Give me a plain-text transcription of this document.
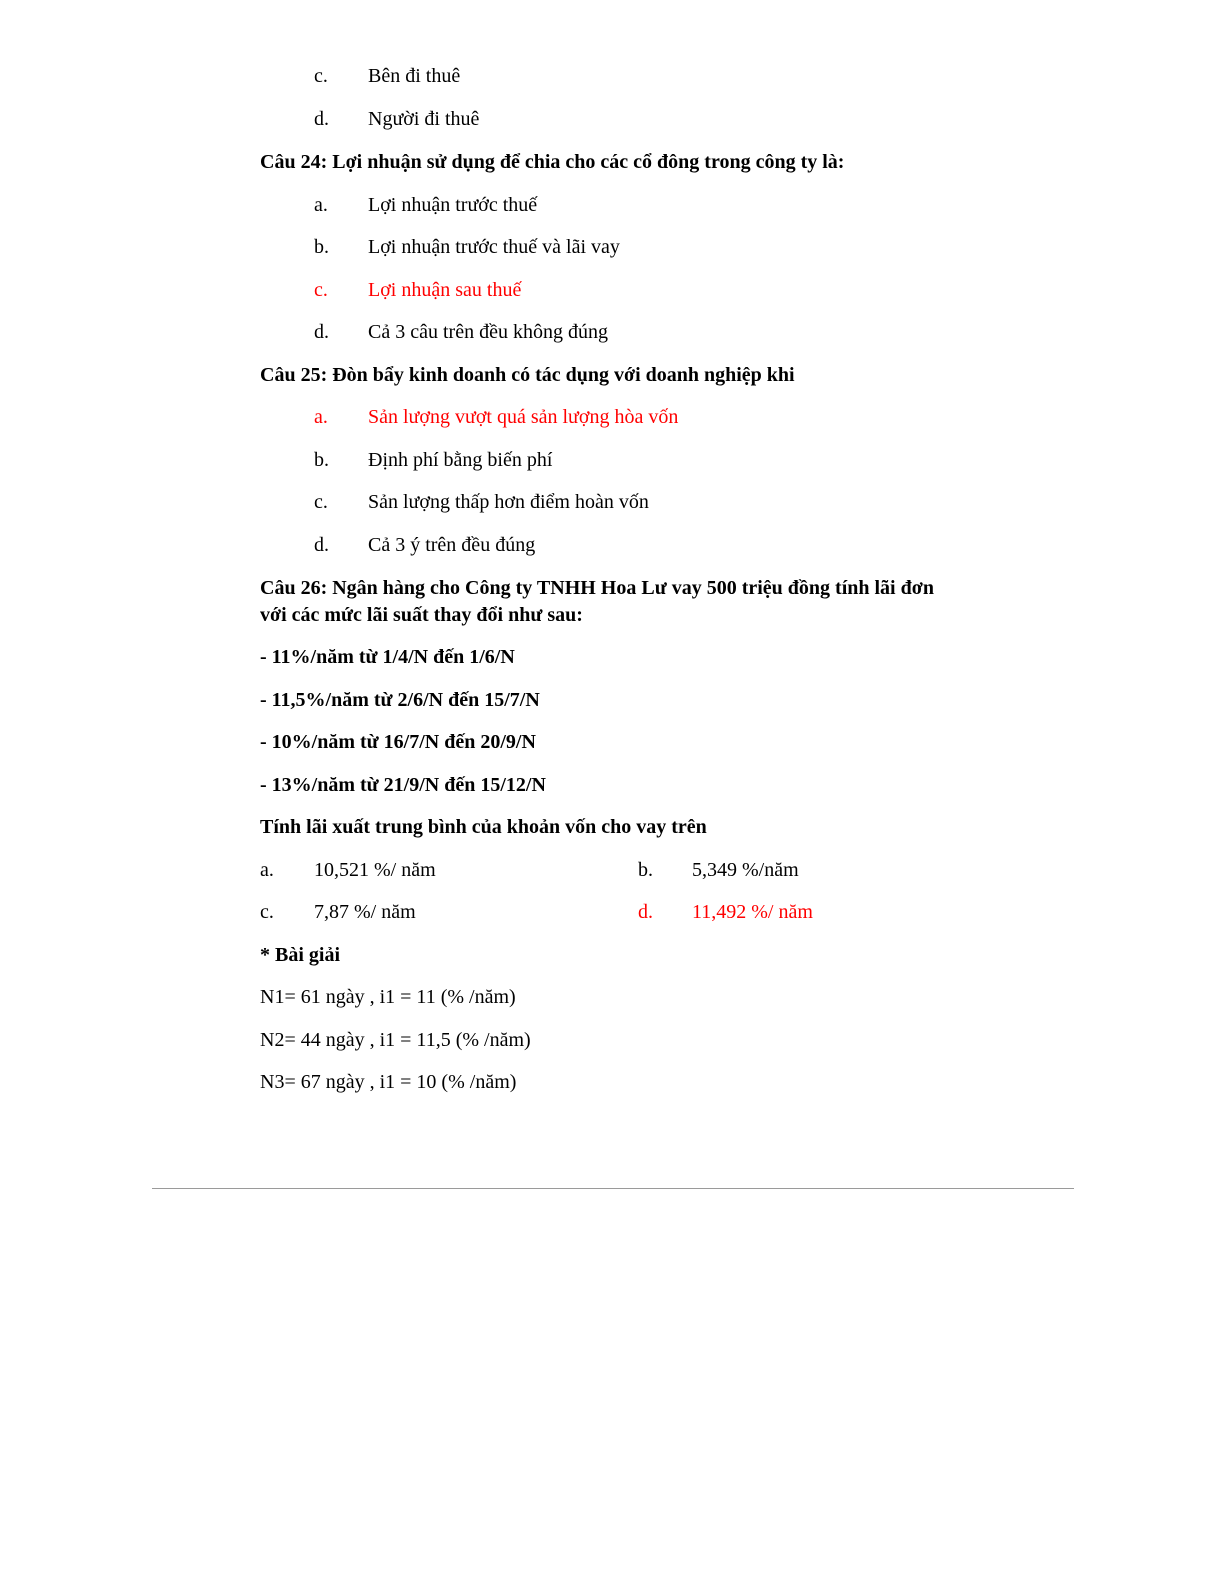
c. Bên đi thuê
d. Người đi thuê
Câu 24: Lợi nhuận sử dụng để chia cho các cổ đông trong công ty là:
a. Lợi nhuận trước thuế
b. Lợi nhuận trước thuế và lãi vay
c. Lợi nhuận sau thuế
d. Cả 3 câu trên đều không đúng
Câu 25: Đòn bẩy kinh doanh có tác dụng với doanh nghiệp khi
a. Sản lượng vượt quá sản lượng hòa vốn
b. Định phí bằng biến phí
c. Sản lượng thấp hơn điểm hoàn vốn
d. Cả 3 ý trên đều đúng
Câu 26: Ngân hàng cho Công ty TNHH Hoa Lư vay 500 triệu đồng tính lãi đơn
với các mức lãi suất thay đổi như sau:
- 11%/năm từ 1/4/N đến 1/6/N
- 11,5%/năm từ 2/6/N đến 15/7/N
- 10%/năm từ 16/7/N đến 20/9/N
- 13%/năm từ 21/9/N đến 15/12/N
Tính lãi xuất trung bình của khoản vốn cho vay trên
a. 10,521 %/ năm	b. 5,349 %/năm
c. 7,87 %/ năm	d. 11,492 %/ năm
* Bài giải
N1= 61 ngày , i1 = 11 (% /năm)
N2= 44 ngày , i1 = 11,5 (% /năm)
N3= 67 ngày , i1 = 10 (% /năm)
